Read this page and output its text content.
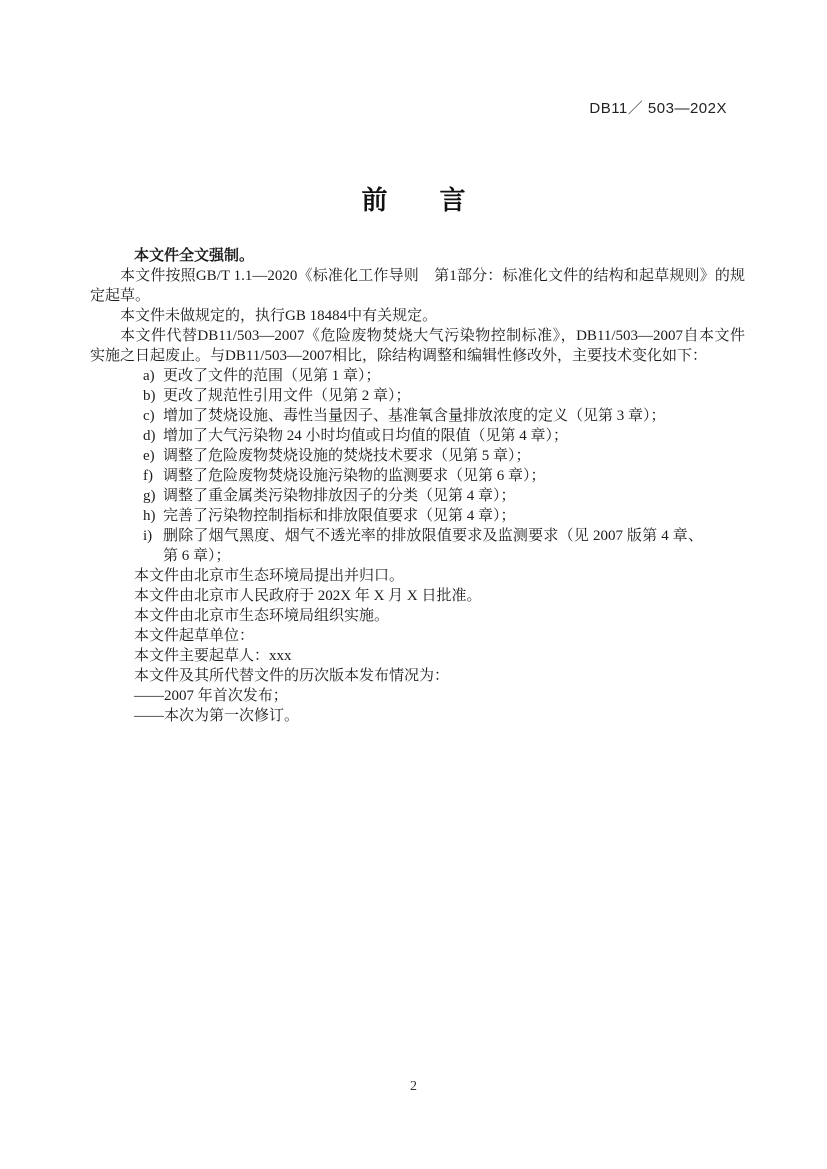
DB11／ 503—202X
前　　言

本文件全文强制。

本文件按照GB/T 1.1—2020《标准化工作导则　第1部分：标准化文件的结构和起草规则》的规定起草。

本文件未做规定的，执行GB 18484中有关规定。

本文件代替DB11/503—2007《危险废物焚烧大气污染物控制标准》，DB11/503—2007自本文件实施之日起废止。与DB11/503—2007相比，除结构调整和编辑性修改外，主要技术变化如下：

a) 更改了文件的范围（见第 1 章）；
b) 更改了规范性引用文件（见第 2 章）；
c) 增加了焚烧设施、毒性当量因子、基准氧含量排放浓度的定义（见第 3 章）；
d) 增加了大气污染物 24 小时均值或日均值的限值（见第 4 章）；
e) 调整了危险废物焚烧设施的焚烧技术要求（见第 5 章）；
f) 调整了危险废物焚烧设施污染物的监测要求（见第 6 章）；
g) 调整了重金属类污染物排放因子的分类（见第 4 章）；
h) 完善了污染物控制指标和排放限值要求（见第 4 章）；
i) 删除了烟气黑度、烟气不透光率的排放限值要求及监测要求（见 2007 版第 4 章、第 6 章）；

本文件由北京市生态环境局提出并归口。

本文件由北京市人民政府于 202X 年 X 月 X 日批准。

本文件由北京市生态环境局组织实施。

本文件起草单位：

本文件主要起草人：xxx

本文件及其所代替文件的历次版本发布情况为：

——2007 年首次发布；

——本次为第一次修订。

2
